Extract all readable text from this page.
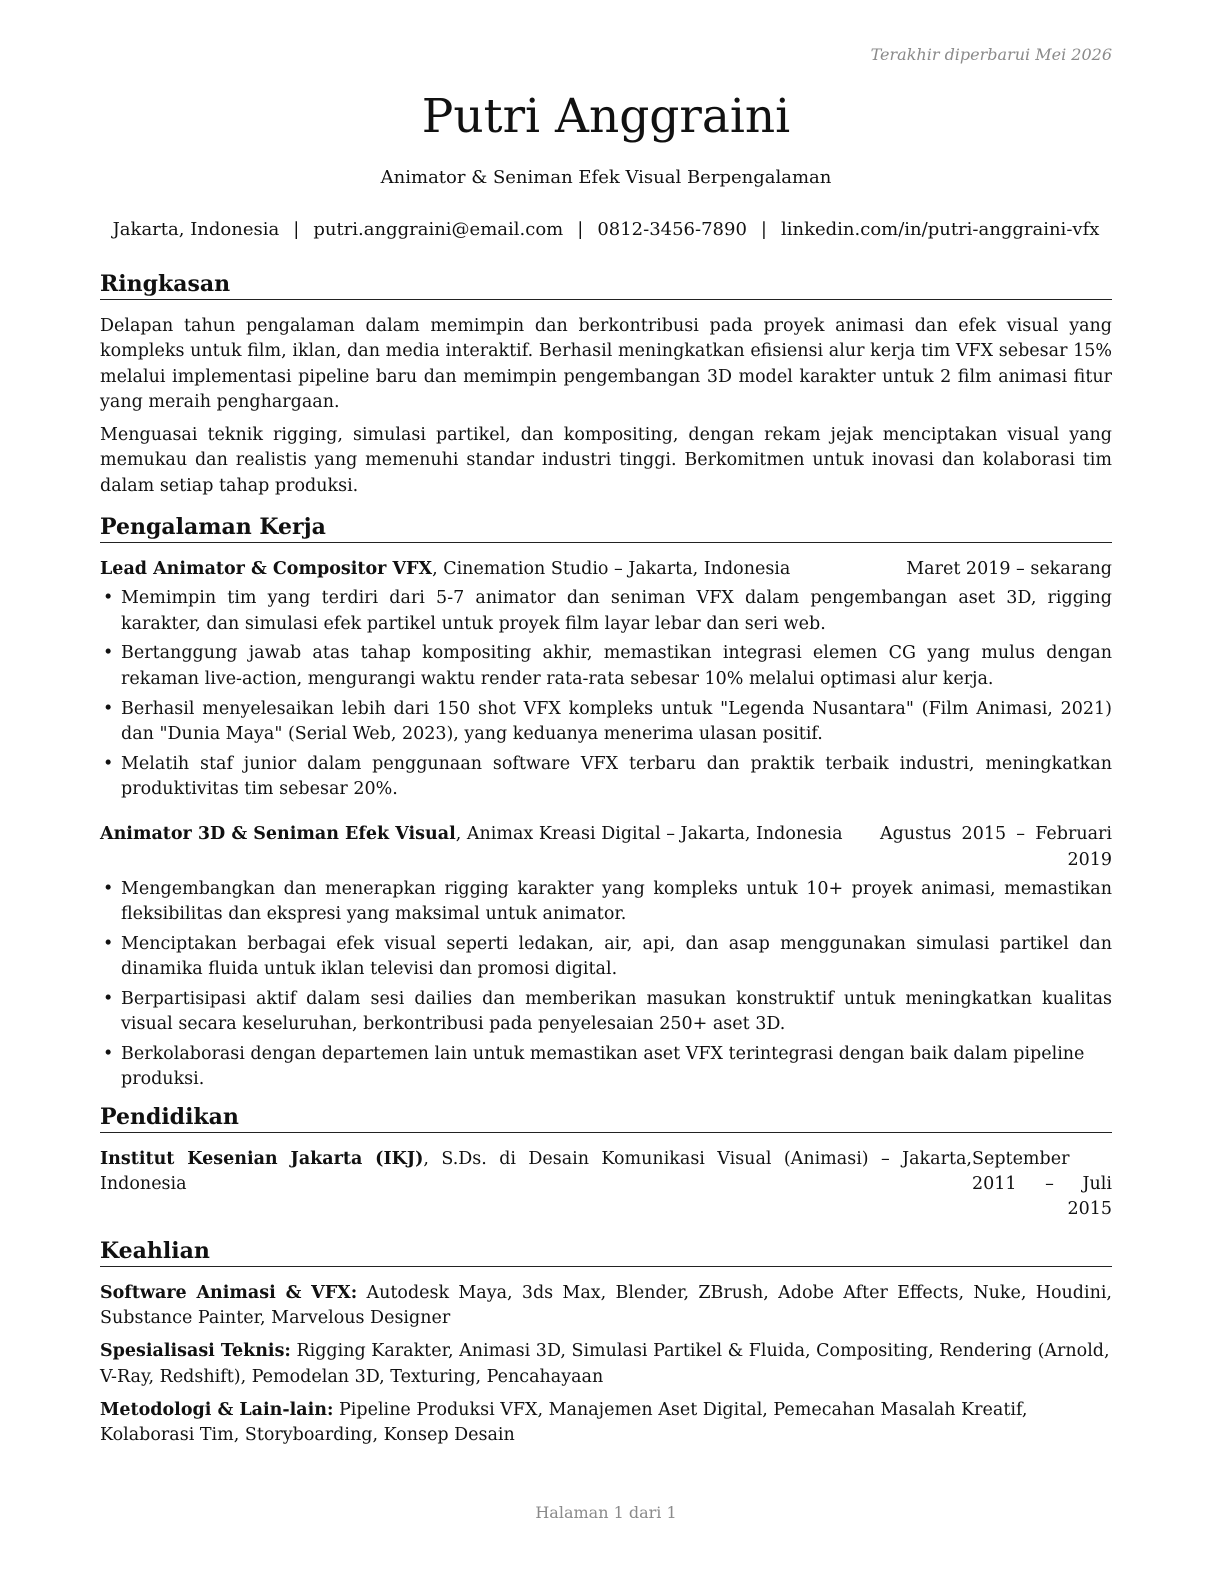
Terakhir diperbarui Mei 2026
Putri Anggraini
Animator & Seniman Efek Visual Berpengalaman
Jakarta, Indonesia | putri.anggraini@email.com | 0812-3456-7890 | linkedin.com/in/putri-anggraini-vfx
Ringkasan

Delapan tahun pengalaman dalam memimpin dan berkontribusi pada proyek animasi dan efek visual yang kompleks untuk film, iklan, dan media interaktif. Berhasil meningkatkan efisiensi alur kerja tim VFX sebesar 15% melalui implementasi pipeline baru dan memimpin pengembangan 3D model karakter untuk 2 film animasi fitur yang meraih penghargaan.

Menguasai teknik rigging, simulasi partikel, dan kompositing, dengan rekam jejak menciptakan visual yang memukau dan realistis yang memenuhi standar industri tinggi. Berkomitmen untuk inovasi dan kolaborasi tim dalam setiap tahap produksi.

Pengalaman Kerja
Lead Animator & Compositor VFX, Cinemation Studio – Jakarta, Indonesia	Maret 2019 – sekarang
• Memimpin tim yang terdiri dari 5-7 animator dan seniman VFX dalam pengembangan aset 3D, rigging karakter, dan simulasi efek partikel untuk proyek film layar lebar dan seri web.
• Bertanggung jawab atas tahap kompositing akhir, memastikan integrasi elemen CG yang mulus dengan rekaman live-action, mengurangi waktu render rata-rata sebesar 10% melalui optimasi alur kerja.
• Berhasil menyelesaikan lebih dari 150 shot VFX kompleks untuk "Legenda Nusantara" (Film Animasi, 2021) dan "Dunia Maya" (Serial Web, 2023), yang keduanya menerima ulasan positif.
• Melatih staf junior dalam penggunaan software VFX terbaru dan praktik terbaik industri, meningkatkan produktivitas tim sebesar 20%.
Animator 3D & Seniman Efek Visual, Animax Kreasi Digital – Jakarta, Indonesia	Agustus 2015 – Februari 2019
• Mengembangkan dan menerapkan rigging karakter yang kompleks untuk 10+ proyek animasi, memastikan fleksibilitas dan ekspresi yang maksimal untuk animator.
• Menciptakan berbagai efek visual seperti ledakan, air, api, dan asap menggunakan simulasi partikel dan dinamika fluida untuk iklan televisi dan promosi digital.
• Berpartisipasi aktif dalam sesi dailies dan memberikan masukan konstruktif untuk meningkatkan kualitas visual secara keseluruhan, berkontribusi pada penyelesaian 250+ aset 3D.
• Berkolaborasi dengan departemen lain untuk memastikan aset VFX terintegrasi dengan baik dalam pipeline produksi.
Pendidikan
Institut Kesenian Jakarta (IKJ), S.Ds. di Desain Komunikasi Visual (Animasi) – Jakarta, Indonesia
September 2011 – Juli 2015
Keahlian

Software Animasi & VFX: Autodesk Maya, 3ds Max, Blender, ZBrush, Adobe After Effects, Nuke, Houdini, Substance Painter, Marvelous Designer

Spesialisasi Teknis: Rigging Karakter, Animasi 3D, Simulasi Partikel & Fluida, Compositing, Rendering (Arnold, V-Ray, Redshift), Pemodelan 3D, Texturing, Pencahayaan

Metodologi & Lain-lain: Pipeline Produksi VFX, Manajemen Aset Digital, Pemecahan Masalah Kreatif, Kolaborasi Tim, Storyboarding, Konsep Desain

Halaman 1 dari 1
